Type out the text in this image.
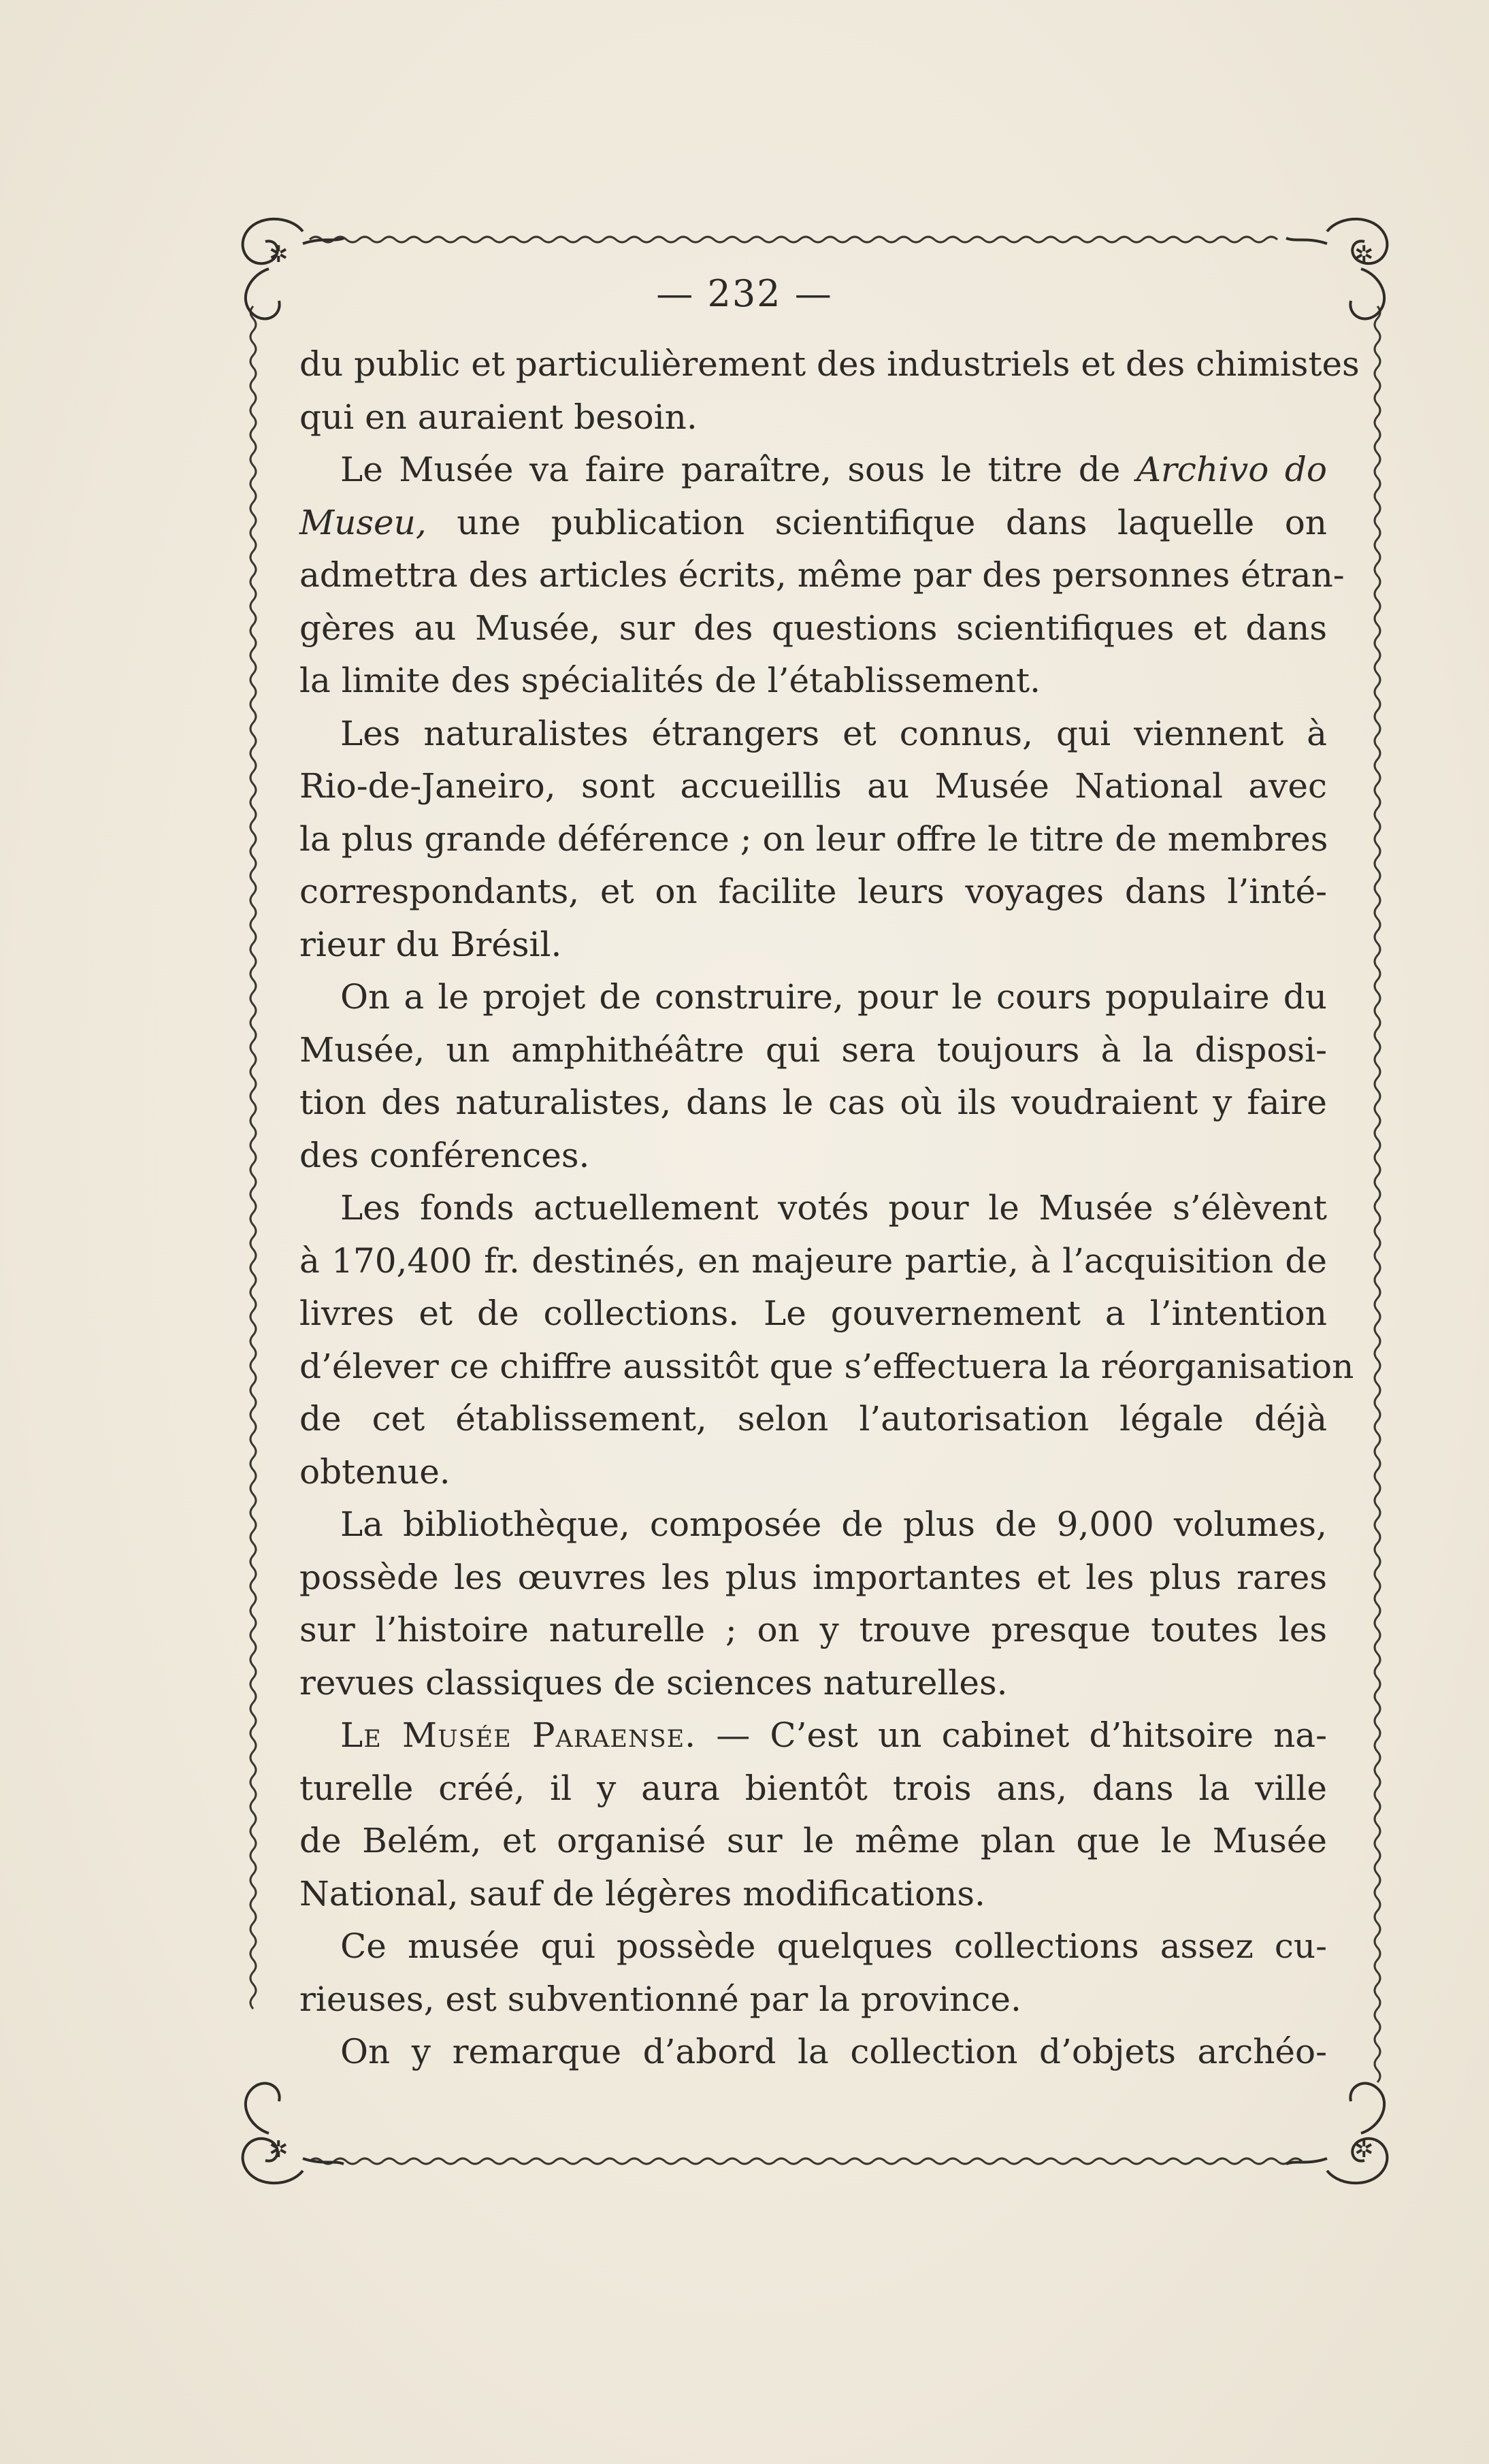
✲	✲
✲	✲
— 232 —
du public et particulièrement des industriels et des chimistes
qui en auraient besoin.
Le Musée va faire paraître, sous le titre de Archivo do
Museu, une publication scientifique dans laquelle on
admettra des articles écrits, même par des personnes étran-
gères au Musée, sur des questions scientifiques et dans
la limite des spécialités de l’établissement.
Les naturalistes étrangers et connus, qui viennent à
Rio-de-Janeiro, sont accueillis au Musée National avec
la plus grande déférence ; on leur offre le titre de membres
correspondants, et on facilite leurs voyages dans l’inté-
rieur du Brésil.
On a le projet de construire, pour le cours populaire du
Musée, un amphithéâtre qui sera toujours à la disposi-
tion des naturalistes, dans le cas où ils voudraient y faire
des conférences.
Les fonds actuellement votés pour le Musée s’élèvent
à 170,400 fr. destinés, en majeure partie, à l’acquisition de
livres et de collections. Le gouvernement a l’intention
d’élever ce chiffre aussitôt que s’effectuera la réorganisation
de cet établissement, selon l’autorisation légale déjà
obtenue.
La bibliothèque, composée de plus de 9,000 volumes,
possède les œuvres les plus importantes et les plus rares
sur l’histoire naturelle ; on y trouve presque toutes les
revues classiques de sciences naturelles.
Le Musée Paraense. — C’est un cabinet d’hitsoire na-
turelle créé, il y aura bientôt trois ans, dans la ville
de Belém, et organisé sur le même plan que le Musée
National, sauf de légères modifications.
Ce musée qui possède quelques collections assez cu-
rieuses, est subventionné par la province.
On y remarque d’abord la collection d’objets archéo-
